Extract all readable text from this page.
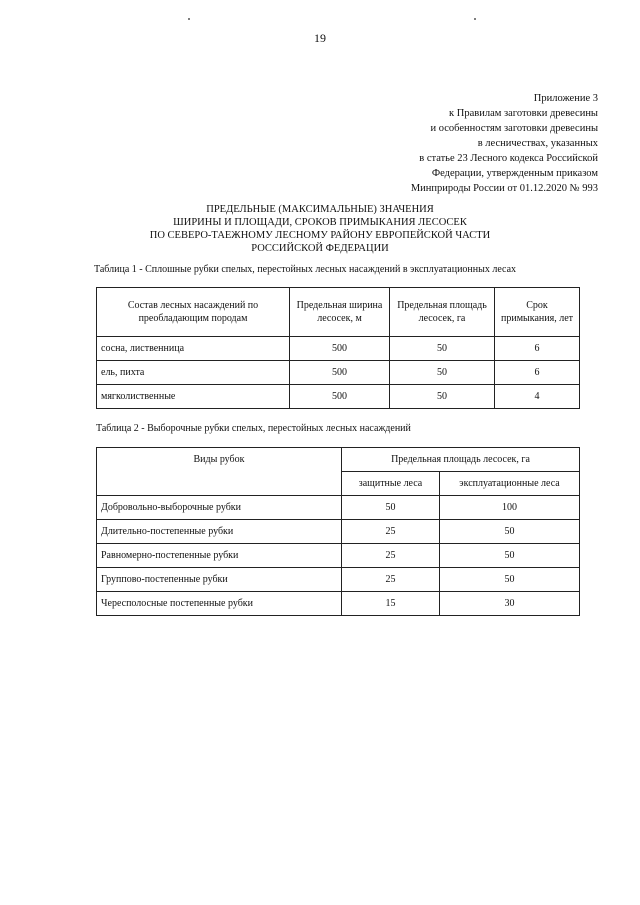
19
Приложение 3
к Правилам заготовки древесины
и особенностям заготовки древесины
в лесничествах, указанных
в статье 23 Лесного кодекса Российской
Федерации, утвержденным приказом
Минприроды России от 01.12.2020 № 993
ПРЕДЕЛЬНЫЕ (МАКСИМАЛЬНЫЕ) ЗНАЧЕНИЯ
ШИРИНЫ И ПЛОЩАДИ, СРОКОВ ПРИМЫКАНИЯ ЛЕСОСЕК
ПО СЕВЕРО-ТАЕЖНОМУ ЛЕСНОМУ РАЙОНУ ЕВРОПЕЙСКОЙ ЧАСТИ
РОССИЙСКОЙ ФЕДЕРАЦИИ
Таблица 1 - Сплошные рубки спелых, перестойных лесных насаждений в эксплуатационных лесах
Состав лесных насаждений по преобладающим породам	Предельная ширина лесосек, м	Предельная площадь лесосек, га	Срок примыкания, лет
сосна, лиственница	500	50	6
ель, пихта	500	50	6
мягколиственные	500	50	4
Таблица 2 - Выборочные рубки спелых, перестойных лесных насаждений
Виды рубок	Предельная площадь лесосек, га	
	защитные леса	эксплуатационные леса
Добровольно-выборочные рубки	50	100
Длительно-постепенные рубки	25	50
Равномерно-постепенные рубки	25	50
Группово-постепенные рубки	25	50
Чересполосные постепенные рубки	15	30
